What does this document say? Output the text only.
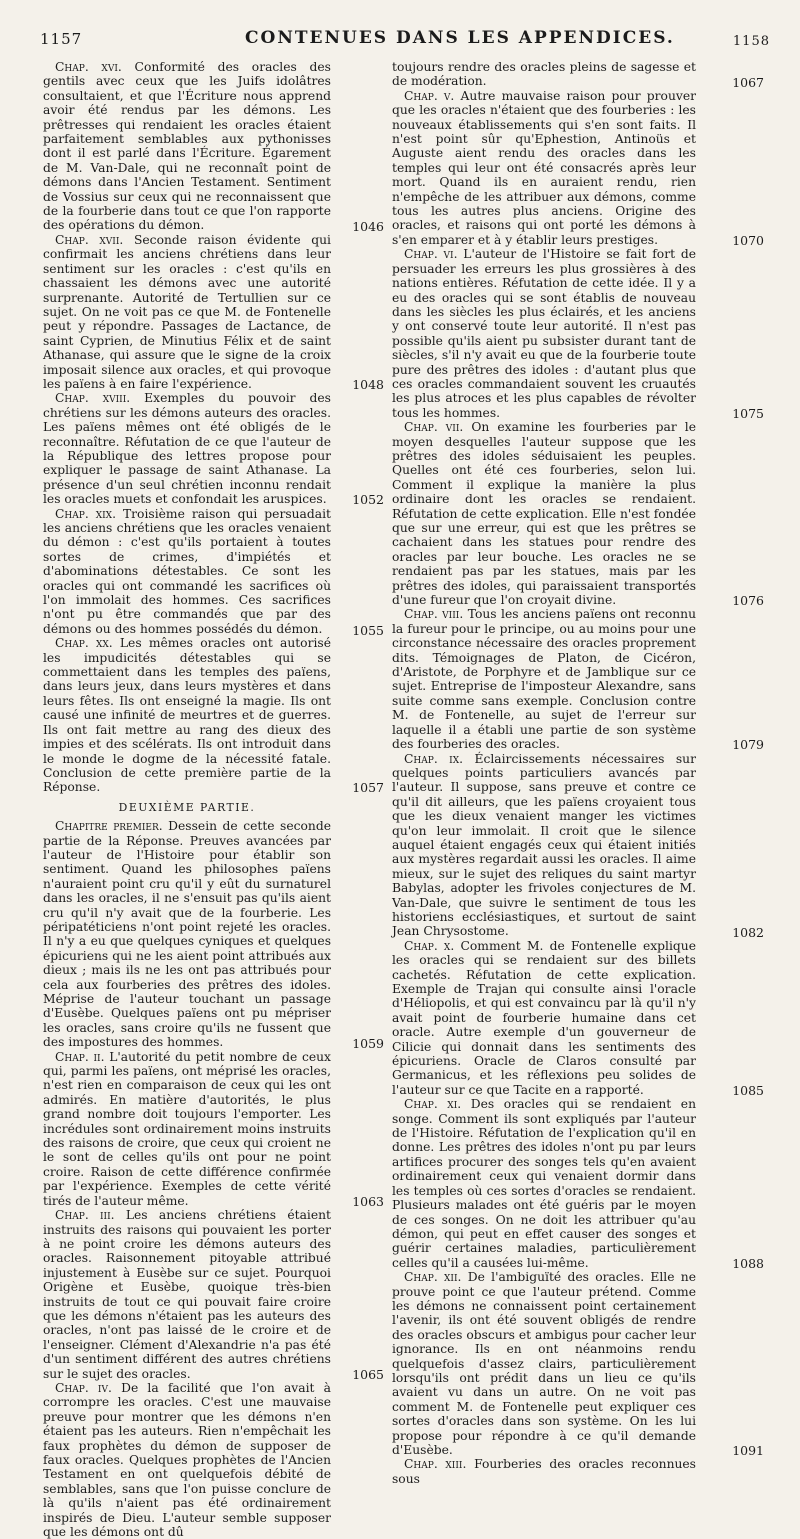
1157	CONTENUES DANS LES APPENDICES.	1158

Chap. xvi. Conformité des oracles des gentils avec ceux que les Juifs idolâtres consultaient, et que l'Écriture nous apprend avoir été rendus par les démons. Les prêtresses qui rendaient les oracles étaient parfaitement semblables aux pythonisses dont il est parlé dans l'Écriture. Égarement de M. Van-Dale, qui ne reconnaît point de démons dans l'Ancien Testament. Sentiment de Vossius sur ceux qui ne reconnaissent que de la fourberie dans tout ce que l'on rapporte des opérations du démon.

Chap. xvii. Seconde raison évidente qui confirmait les anciens chrétiens dans leur sentiment sur les oracles : c'est qu'ils en chassaient les démons avec une autorité surprenante. Autorité de Tertullien sur ce sujet. On ne voit pas ce que M. de Fontenelle peut y répondre. Passages de Lactance, de saint Cyprien, de Minutius Félix et de saint Athanase, qui assure que le signe de la croix imposait silence aux oracles, et qui provoque les païens à en faire l'expérience.

Chap. xviii. Exemples du pouvoir des chrétiens sur les démons auteurs des oracles. Les païens mêmes ont été obligés de le reconnaître. Réfutation de ce que l'auteur de la République des lettres propose pour expliquer le passage de saint Athanase. La présence d'un seul chrétien inconnu rendait les oracles muets et confondait les aruspices.

Chap. xix. Troisième raison qui persuadait les anciens chrétiens que les oracles venaient du démon : c'est qu'ils portaient à toutes sortes de crimes, d'impiétés et d'abominations détestables. Ce sont les oracles qui ont commandé les sacrifices où l'on immolait des hommes. Ces sacrifices n'ont pu être commandés que par des démons ou des hommes possédés du démon.

Chap. xx. Les mêmes oracles ont autorisé les impudicités détestables qui se commettaient dans les temples des païens, dans leurs jeux, dans leurs mystères et dans leurs fêtes. Ils ont enseigné la magie. Ils ont causé une infinité de meurtres et de guerres. Ils ont fait mettre au rang des dieux des impies et des scélérats. Ils ont introduit dans le monde le dogme de la nécessité fatale. Conclusion de cette première partie de la Réponse.

DEUXIÈME PARTIE.

Chapitre premier. Dessein de cette seconde partie de la Réponse. Preuves avancées par l'auteur de l'Histoire pour établir son sentiment. Quand les philosophes païens n'auraient point cru qu'il y eût du surnaturel dans les oracles, il ne s'ensuit pas qu'ils aient cru qu'il n'y avait que de la fourberie. Les péripatéticiens n'ont point rejeté les oracles. Il n'y a eu que quelques cyniques et quelques épicuriens qui ne les aient point attribués aux dieux ; mais ils ne les ont pas attribués pour cela aux fourberies des prêtres des idoles. Méprise de l'auteur touchant un passage d'Eusèbe. Quelques païens ont pu mépriser les oracles, sans croire qu'ils ne fussent que des impostures des hommes.

Chap. ii. L'autorité du petit nombre de ceux qui, parmi les païens, ont méprisé les oracles, n'est rien en comparaison de ceux qui les ont admirés. En matière d'autorités, le plus grand nombre doit toujours l'emporter. Les incrédules sont ordinairement moins instruits des raisons de croire, que ceux qui croient ne le sont de celles qu'ils ont pour ne point croire. Raison de cette différence confirmée par l'expérience. Exemples de cette vérité tirés de l'auteur même.

Chap. iii. Les anciens chrétiens étaient instruits des raisons qui pouvaient les porter à ne point croire les démons auteurs des oracles. Raisonnement pitoyable attribué injustement à Eusèbe sur ce sujet. Pourquoi Origène et Eusèbe, quoique très-bien instruits de tout ce qui pouvait faire croire que les démons n'étaient pas les auteurs des oracles, n'ont pas laissé de le croire et de l'enseigner. Clément d'Alexandrie n'a pas été d'un sentiment différent des autres chrétiens sur le sujet des oracles.

Chap. iv. De la facilité que l'on avait à corrompre les oracles. C'est une mauvaise preuve pour montrer que les démons n'en étaient pas les auteurs. Rien n'empêchait les faux prophètes du démon de supposer de faux oracles. Quelques prophètes de l'Ancien Testament en ont quelquefois débité de semblables, sans que l'on puisse conclure de là qu'ils n'aient pas été ordinairement inspirés de Dieu. L'auteur semble supposer que les démons ont dû

toujours rendre des oracles pleins de sagesse et de modération.

Chap. v. Autre mauvaise raison pour prouver que les oracles n'étaient que des fourberies : les nouveaux établissements qui s'en sont faits. Il n'est point sûr qu'Ephestion, Antinoüs et Auguste aient rendu des oracles dans les temples qui leur ont été consacrés après leur mort. Quand ils en auraient rendu, rien n'empêche de les attribuer aux démons, comme tous les autres plus anciens. Origine des oracles, et raisons qui ont porté les démons à s'en emparer et à y établir leurs prestiges.

Chap. vi. L'auteur de l'Histoire se fait fort de persuader les erreurs les plus grossières à des nations entières. Réfutation de cette idée. Il y a eu des oracles qui se sont établis de nouveau dans les siècles les plus éclairés, et les anciens y ont conservé toute leur autorité. Il n'est pas possible qu'ils aient pu subsister durant tant de siècles, s'il n'y avait eu que de la fourberie toute pure des prêtres des idoles : d'autant plus que ces oracles commandaient souvent les cruautés les plus atroces et les plus capables de révolter tous les hommes.

Chap. vii. On examine les fourberies par le moyen desquelles l'auteur suppose que les prêtres des idoles séduisaient les peuples. Quelles ont été ces fourberies, selon lui. Comment il explique la manière la plus ordinaire dont les oracles se rendaient. Réfutation de cette explication. Elle n'est fondée que sur une erreur, qui est que les prêtres se cachaient dans les statues pour rendre des oracles par leur bouche. Les oracles ne se rendaient pas par les statues, mais par les prêtres des idoles, qui paraissaient transportés d'une fureur que l'on croyait divine.

Chap. viii. Tous les anciens païens ont reconnu la fureur pour le principe, ou au moins pour une circonstance nécessaire des oracles proprement dits. Témoignages de Platon, de Cicéron, d'Aristote, de Porphyre et de Jamblique sur ce sujet. Entreprise de l'imposteur Alexandre, sans suite comme sans exemple. Conclusion contre M. de Fontenelle, au sujet de l'erreur sur laquelle il a établi une partie de son système des fourberies des oracles.

Chap. ix. Éclaircissements nécessaires sur quelques points particuliers avancés par l'auteur. Il suppose, sans preuve et contre ce qu'il dit ailleurs, que les païens croyaient tous que les dieux venaient manger les victimes qu'on leur immolait. Il croit que le silence auquel étaient engagés ceux qui étaient initiés aux mystères regardait aussi les oracles. Il aime mieux, sur le sujet des reliques du saint martyr Babylas, adopter les frivoles conjectures de M. Van-Dale, que suivre le sentiment de tous les historiens ecclésiastiques, et surtout de saint Jean Chrysostome.

Chap. x. Comment M. de Fontenelle explique les oracles qui se rendaient sur des billets cachetés. Réfutation de cette explication. Exemple de Trajan qui consulte ainsi l'oracle d'Héliopolis, et qui est convaincu par là qu'il n'y avait point de fourberie humaine dans cet oracle. Autre exemple d'un gouverneur de Cilicie qui donnait dans les sentiments des épicuriens. Oracle de Claros consulté par Germanicus, et les réflexions peu solides de l'auteur sur ce que Tacite en a rapporté.

Chap. xi. Des oracles qui se rendaient en songe. Comment ils sont expliqués par l'auteur de l'Histoire. Réfutation de l'explication qu'il en donne. Les prêtres des idoles n'ont pu par leurs artifices procurer des songes tels qu'en avaient ordinairement ceux qui venaient dormir dans les temples où ces sortes d'oracles se rendaient. Plusieurs malades ont été guéris par le moyen de ces songes. On ne doit les attribuer qu'au démon, qui peut en effet causer des songes et guérir certaines maladies, particulièrement celles qu'il a causées lui-même.

Chap. xii. De l'ambiguïté des oracles. Elle ne prouve point ce que l'auteur prétend. Comme les démons ne connaissent point certainement l'avenir, ils ont été souvent obligés de rendre des oracles obscurs et ambigus pour cacher leur ignorance. Ils en ont néanmoins rendu quelquefois d'assez clairs, particulièrement lorsqu'ils ont prédit dans un lieu ce qu'ils avaient vu dans un autre. On ne voit pas comment M. de Fontenelle peut expliquer ces sortes d'oracles dans son système. On les lui propose pour répondre à ce qu'il demande d'Eusèbe.

Chap. xiii. Fourberies des oracles reconnues sous

1046
1048
1052
1055
1057
1059
1063
1065
1067
1070
1075
1076
1079
1082
1085
1088
1091
